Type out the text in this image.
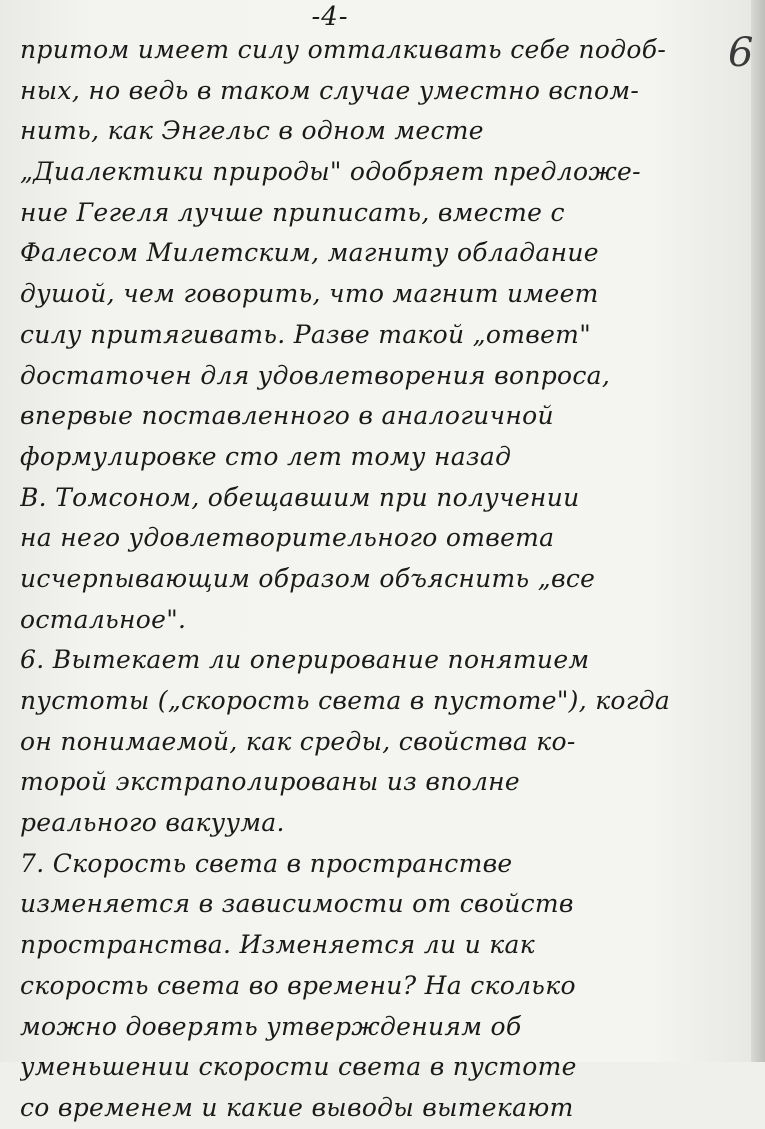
-4-
6
притом имеет силу отталкивать себе подоб-
ных, но ведь в таком случае уместно вспом-
нить, как Энгельс в одном месте
„Диалектики природы" одобряет предложе-
ние Гегеля лучше приписать, вместе с
Фалесом Милетским, магниту обладание
душой, чем говорить, что магнит имеет
силу притягивать. Разве такой „ответ"
достаточен для удовлетворения вопроса,
впервые поставленного в аналогичной
формулировке сто лет тому назад
В. Томсоном, обещавшим при получении
на него удовлетворительного ответа
исчерпывающим образом объяснить „все
остальное".
6. Вытекает ли оперирование понятием
пустоты („скорость света в пустоте"), когда
он понимаемой, как среды, свойства ко-
торой экстраполированы из вполне
реального вакуума.
7. Скорость света в пространстве
изменяется в зависимости от свойств
пространства. Изменяется ли и как
скорость света во времени? На сколько
можно доверять утверждениям об
уменьшении скорости света в пустоте
со временем и какие выводы вытекают
